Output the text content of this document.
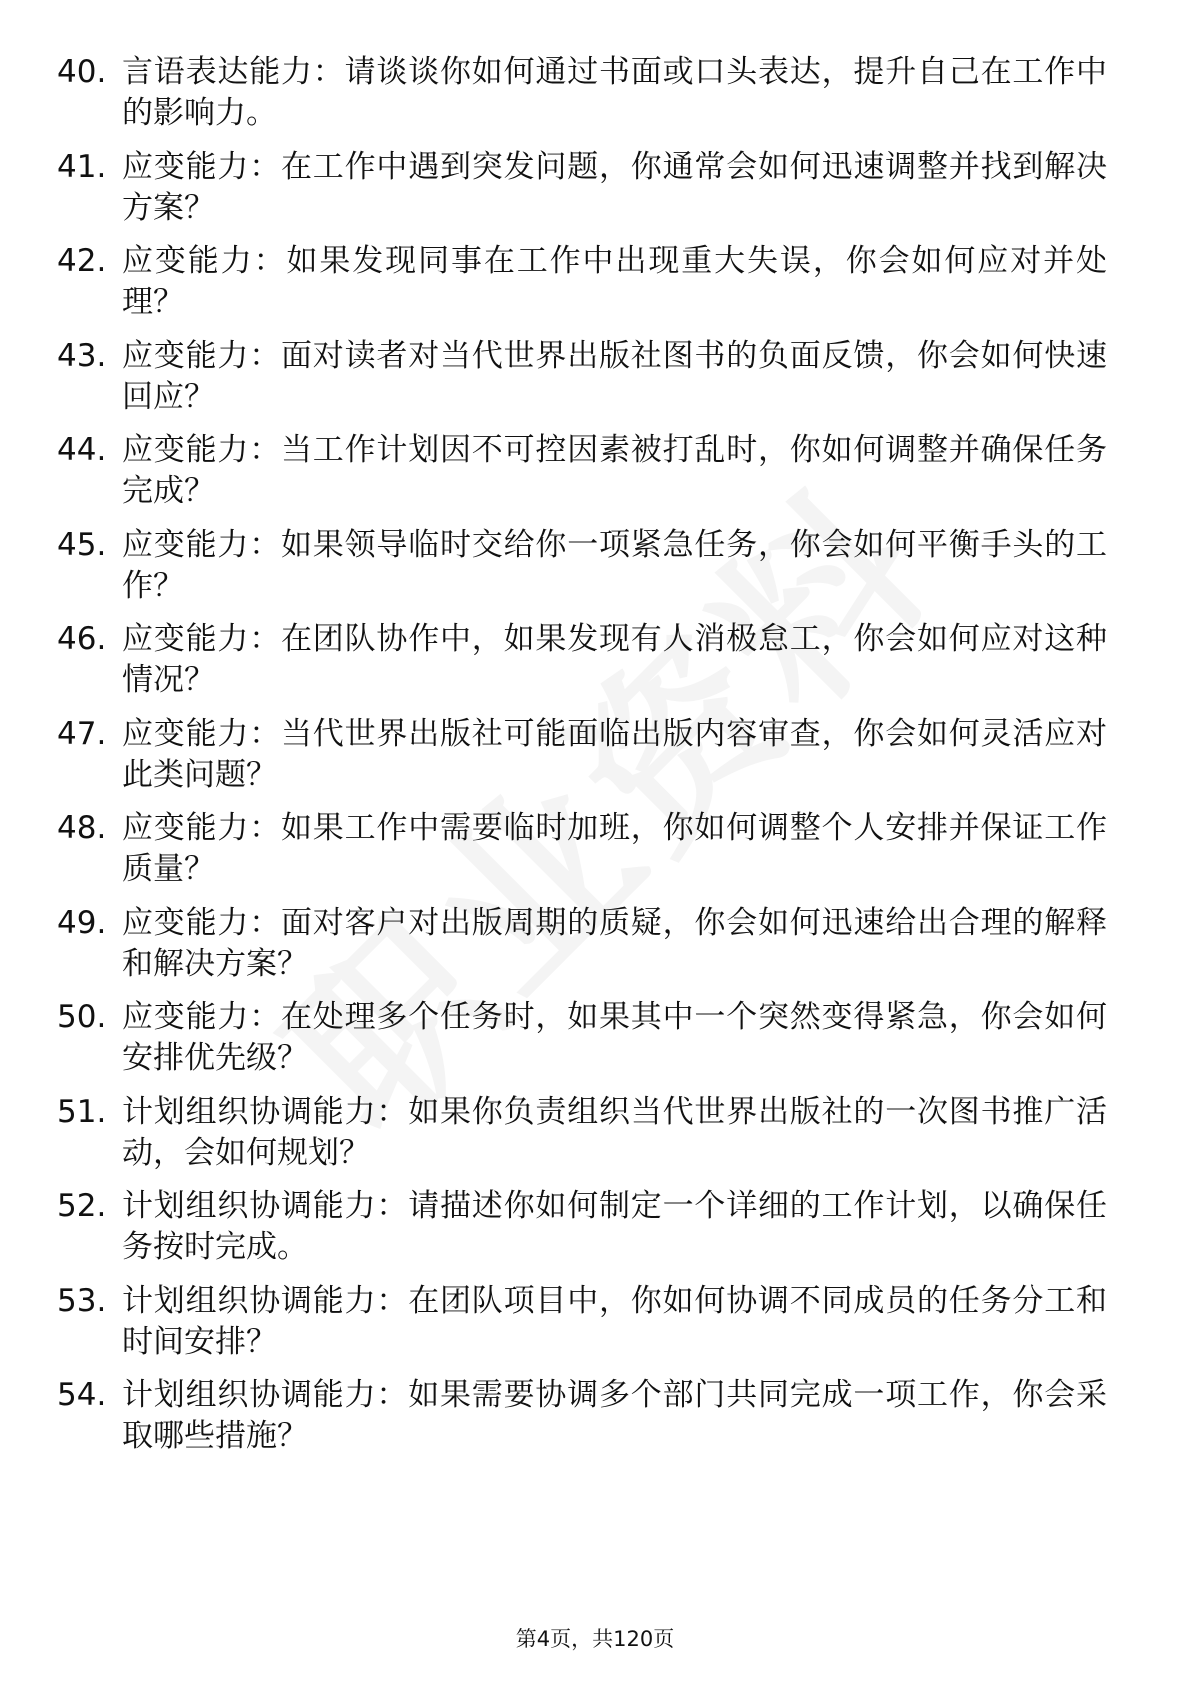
40. 言语表达能力：请谈谈你如何通过书面或口头表达，提升自己在工作中的影响力。
41. 应变能力：在工作中遇到突发问题，你通常会如何迅速调整并找到解决方案？
42. 应变能力：如果发现同事在工作中出现重大失误，你会如何应对并处理？
43. 应变能力：面对读者对当代世界出版社图书的负面反馈，你会如何快速回应？
44. 应变能力：当工作计划因不可控因素被打乱时，你如何调整并确保任务完成？
45. 应变能力：如果领导临时交给你一项紧急任务，你会如何平衡手头的工作？
46. 应变能力：在团队协作中，如果发现有人消极怠工，你会如何应对这种情况？
47. 应变能力：当代世界出版社可能面临出版内容审查，你会如何灵活应对此类问题？
48. 应变能力：如果工作中需要临时加班，你如何调整个人安排并保证工作质量？
49. 应变能力：面对客户对出版周期的质疑，你会如何迅速给出合理的解释和解决方案？
50. 应变能力：在处理多个任务时，如果其中一个突然变得紧急，你会如何安排优先级？
51. 计划组织协调能力：如果你负责组织当代世界出版社的一次图书推广活动，会如何规划？
52. 计划组织协调能力：请描述你如何制定一个详细的工作计划，以确保任务按时完成。
53. 计划组织协调能力：在团队项目中，你如何协调不同成员的任务分工和时间安排？
54. 计划组织协调能力：如果需要协调多个部门共同完成一项工作，你会采取哪些措施？
第4页，共120页
